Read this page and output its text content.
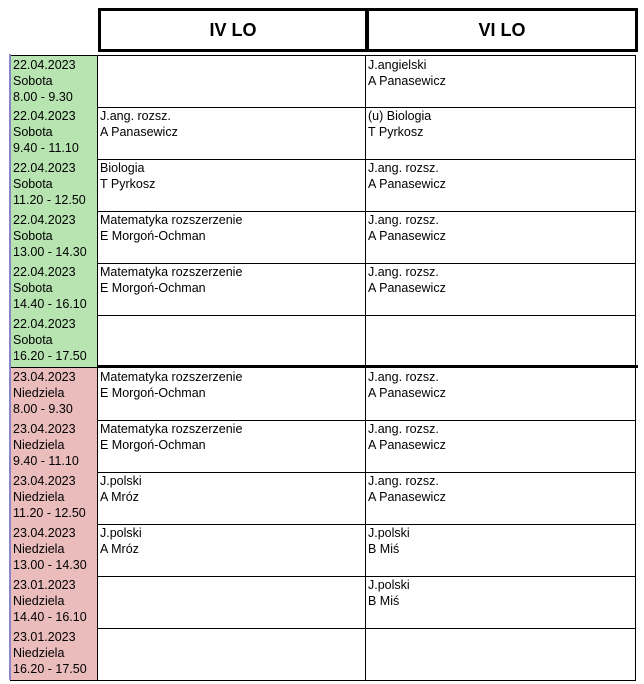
IV LO	VI LO
22.04.2023
Sobota
8.00 - 9.30
J.angielski
A Panasewicz
22.04.2023
Sobota
9.40 - 11.10
J.ang. rozsz.
A Panasewicz
(u) Biologia
T Pyrkosz
22.04.2023
Sobota
11.20 - 12.50
Biologia
T Pyrkosz
J.ang. rozsz.
A Panasewicz
22.04.2023
Sobota
13.00 - 14.30
Matematyka rozszerzenie
E Morgoń-Ochman
J.ang. rozsz.
A Panasewicz
22.04.2023
Sobota
14.40 - 16.10
Matematyka rozszerzenie
E Morgoń-Ochman
J.ang. rozsz.
A Panasewicz
22.04.2023
Sobota
16.20 - 17.50
23.04.2023
Niedziela
8.00 - 9.30
Matematyka rozszerzenie
E Morgoń-Ochman
J.ang. rozsz.
A Panasewicz
23.04.2023
Niedziela
9.40 - 11.10
Matematyka rozszerzenie
E Morgoń-Ochman
J.ang. rozsz.
A Panasewicz
23.04.2023
Niedziela
11.20 - 12.50
J.polski
A Mróz
J.ang. rozsz.
A Panasewicz
23.04.2023
Niedziela
13.00 - 14.30
J.polski
A Mróz
J.polski
B Miś
23.01.2023
Niedziela
14.40 - 16.10
J.polski
B Miś
23.01.2023
Niedziela
16.20 - 17.50
